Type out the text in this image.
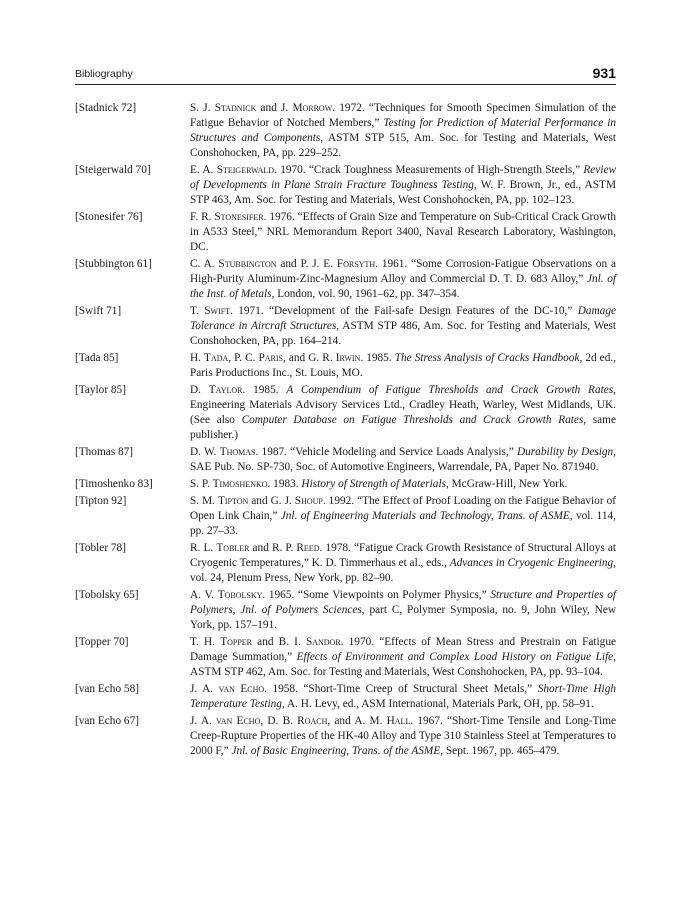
Bibliography	931
[Stadnick 72]	S. J. Stadnick and J. Morrow. 1972. “Techniques for Smooth Specimen Simulation of the Fatigue Behavior of Notched Members,” Testing for Prediction of Material Performance in Structures and Components, ASTM STP 515, Am. Soc. for Testing and Materials, West Conshohocken, PA, pp. 229–252.
[Steigerwald 70]	E. A. Steigerwald. 1970. “Crack Toughness Measurements of High-Strength Steels,” Review of Developments in Plane Strain Fracture Toughness Testing, W. F. Brown, Jr., ed., ASTM STP 463, Am. Soc. for Testing and Materials, West Conshohocken, PA, pp. 102–123.
[Stonesifer 76]	F. R. Stonesifer. 1976. “Effects of Grain Size and Temperature on Sub-Critical Crack Growth in A533 Steel,” NRL Memorandum Report 3400, Naval Research Laboratory, Washington, DC.
[Stubbington 61]	C. A. Stubbington and P. J. E. Forsyth. 1961. “Some Corrosion-Fatigue Observations on a High-Purity Aluminum-Zinc-Magnesium Alloy and Commercial D. T. D. 683 Alloy,” Jnl. of the Inst. of Metals, London, vol. 90, 1961–62, pp. 347–354.
[Swift 71]	T. Swift. 1971. “Development of the Fail-safe Design Features of the DC-10,” Damage Tolerance in Aircraft Structures, ASTM STP 486, Am. Soc. for Testing and Materials, West Conshohocken, PA, pp. 164–214.
[Tada 85]	H. Tada, P. C. Paris, and G. R. Irwin. 1985. The Stress Analysis of Cracks Handbook, 2d ed., Paris Productions Inc., St. Louis, MO.
[Taylor 85]	D. Taylor. 1985. A Compendium of Fatigue Thresholds and Crack Growth Rates, Engineering Materials Advisory Services Ltd., Cradley Heath, Warley, West Midlands, UK. (See also Computer Database on Fatigue Thresholds and Crack Growth Rates, same publisher.)
[Thomas 87]	D. W. Thomas. 1987. “Vehicle Modeling and Service Loads Analysis,” Durability by Design, SAE Pub. No. SP-730, Soc. of Automotive Engineers, Warrendale, PA, Paper No. 871940.
[Timoshenko 83]	S. P. Timoshenko. 1983. History of Strength of Materials, McGraw-Hill, New York.
[Tipton 92]	S. M. Tipton and G. J. Shoup. 1992. “The Effect of Proof Loading on the Fatigue Behavior of Open Link Chain,” Jnl. of Engineering Materials and Technology, Trans. of ASME, vol. 114, pp. 27–33.
[Tobler 78]	R. L. Tobler and R. P. Reed. 1978. “Fatigue Crack Growth Resistance of Structural Alloys at Cryogenic Temperatures,” K. D. Timmerhaus et al., eds., Advances in Cryogenic Engineering, vol. 24, Plenum Press, New York, pp. 82–90.
[Tobolsky 65]	A. V. Tobolsky. 1965. “Some Viewpoints on Polymer Physics,” Structure and Properties of Polymers, Jnl. of Polymers Sciences, part C, Polymer Symposia, no. 9, John Wiley, New York, pp. 157–191.
[Topper 70]	T. H. Topper and B. I. Sandor. 1970. “Effects of Mean Stress and Prestrain on Fatigue Damage Summation,” Effects of Environment and Complex Load History on Fatigue Life, ASTM STP 462, Am. Soc. for Testing and Materials, West Conshohocken, PA, pp. 93–104.
[van Echo 58]	J. A. van Echo. 1958. “Short-Time Creep of Structural Sheet Metals,” Short-Time High Temperature Testing, A. H. Levy, ed., ASM International, Materials Park, OH, pp. 58–91.
[van Echo 67]	J. A. van Echo, D. B. Roach, and A. M. Hall. 1967. “Short-Time Tensile and Long-Time Creep-Rupture Properties of the HK-40 Alloy and Type 310 Stainless Steel at Temperatures to 2000 F,” Jnl. of Basic Engineering, Trans. of the ASME, Sept. 1967, pp. 465–479.
